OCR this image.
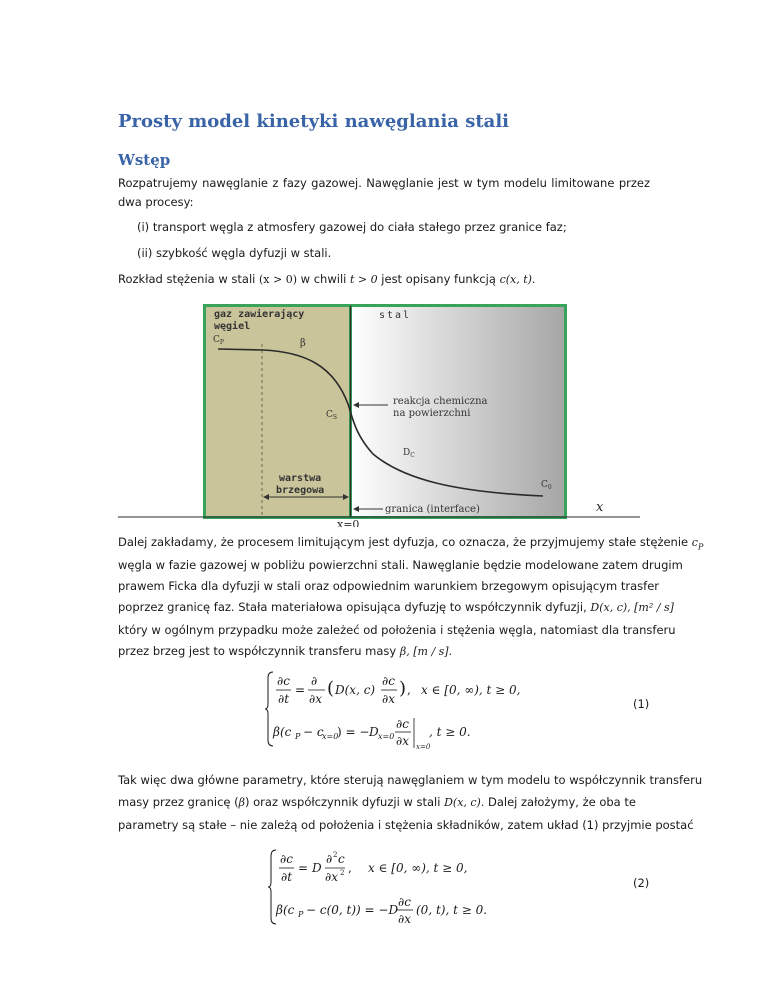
Prosty model kinetyki nawęglania stali
Wstęp

Rozpatrujemy nawęglanie z fazy gazowej. Nawęglanie jest w tym modelu limitowane przez dwa procesy:

(i) transport węgla z atmosfery gazowej do ciała stałego przez granice faz;
(ii) szybkość węgla dyfuzji w stali.
Rozkład stężenia w stali (x > 0) w chwili t > 0 jest opisany funkcją c(x, t).
gaz zawierający
węgiel
stal
$C_P$	β
$C_S$
reakcja chemiczna
na powierzchni
$D_C$
$C_0$
warstwa
brzegowa
granica (interface)	x
x=0
Dalej zakładamy, że procesem limitującym jest dyfuzja, co oznacza, że przyjmujemy stałe stężenie $c_P$
węgla w fazie gazowej w pobliżu powierzchni stali. Nawęglanie będzie modelowane zatem drugim
prawem Ficka dla dyfuzji w stali oraz odpowiednim warunkiem brzegowym opisującym trasfer
poprzez granicę faz. Stała materiałowa opisująca dyfuzję to współczynnik dyfuzji, D(x, c), [m² / s]
który w ogólnym przypadku może zależeć od położenia i stężenia węgla, natomiast dla transferu
przez brzeg jest to współczynnik transferu masy β, [m / s].
∂c
∂t
=
∂
∂x ( D(x, c)
∂c
∂x ) , x ∈ [0, ∞), t ≥ 0,
β(c P − c
x=0
) = − D x=0
∂c
∂x x=0
, t ≥ 0.
(1)
Tak więc dwa główne parametry, które sterują nawęglaniem w tym modelu to współczynnik transferu
masy przez granicę (β) oraz współczynnik dyfuzji w stali D(x, c). Dalej założymy, że oba te
parametry są stałe – nie zależą od położenia i stężenia składników, zatem układ (1) przyjmie postać
∂c
∂t
= D
∂ 2 c
∂x 2 , x ∈ [0, ∞), t ≥ 0,
β(c P − c(0, t)) = −D
∂c
∂x
(0, t), t ≥ 0.
(2)
